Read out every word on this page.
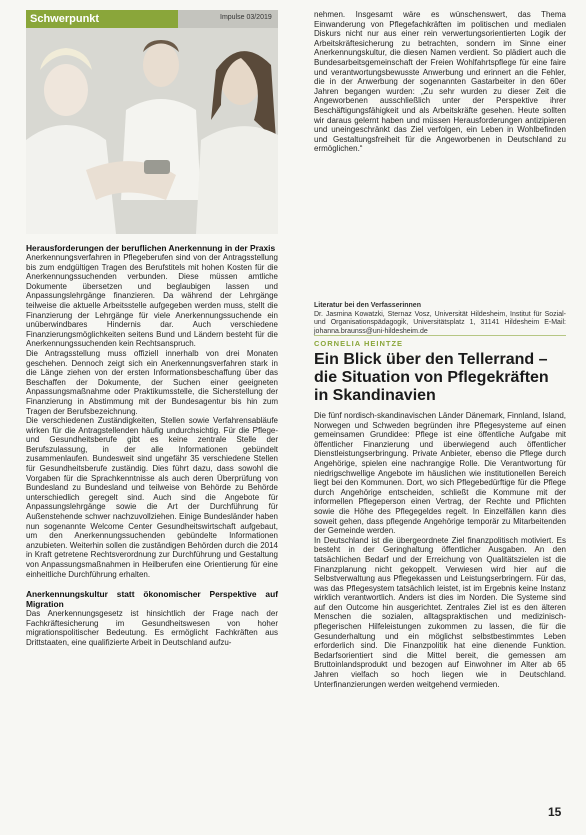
Schwerpunkt	Impulse 03/2019
Herausforderungen der beruflichen Anerkennung in der Praxis

Anerkennungsverfahren in Pflegeberufen sind von der Antragsstellung bis zum endgültigen Tragen des Berufstitels mit hohen Kosten für die Anerkennungssuchenden verbunden. Diese müssen amtliche Dokumente übersetzen und beglaubigen lassen und Anpassungslehrgänge finanzieren. Da während der Lehrgänge teilweise die aktuelle Arbeitsstelle aufgegeben werden muss, stellt die Finanzierung der Lehrgänge für viele Anerkennungssuchende ein unüberwindbares Hindernis dar. Auch verschiedene Finanzierungsmöglichkeiten seitens Bund und Ländern besteht für die Anerkennungssuchenden kein Rechtsanspruch.

Die Antragsstellung muss offiziell innerhalb von drei Monaten geschehen. Dennoch zeigt sich ein Anerkennungsverfahren stark in die Länge ziehen von der ersten Informationsbeschaffung über das Beschaffen der Dokumente, der Suchen einer geeigneten Anpassungsmaßnahme oder Praktikumsstelle, die Sicherstellung der Finanzierung in Abstimmung mit der Bundesagentur bis hin zum Tragen der Berufsbezeichnung.

Die verschiedenen Zuständigkeiten, Stellen sowie Verfahrensabläufe wirken für die Antragstellenden häufig undurchsichtig. Für die Pflege- und Gesundheitsberufe gibt es keine zentrale Stelle der Berufszulassung, in der alle Informationen gebündelt zusammenlaufen. Bundesweit sind ungefähr 35 verschiedene Stellen für Gesundheitsberufe zuständig. Dies führt dazu, dass sowohl die Vorgaben für die Sprachkenntnisse als auch deren Überprüfung von Bundesland zu Bundesland und teilweise von Behörde zu Behörde unterschiedlich geregelt sind. Auch sind die Angebote für Anpassungslehrgänge sowie die Art der Durchführung für Außenstehende schwer nachzuvollziehen. Einige Bundesländer haben nun sogenannte Welcome Center Gesundheitswirtschaft aufgebaut, um den Anerkennungssuchenden gebündelte Informationen anzubieten. Weiterhin sollen die zuständigen Behörden durch die 2014 in Kraft getretene Rechtsverordnung zur Durchführung und Gestaltung von Anpassungsmaßnahmen in Heilberufen eine Orientierung für eine einheitliche Durchführung erhalten.

Anerkennungskultur statt ökonomischer Perspektive auf Migration

Das Anerkennungsgesetz ist hinsichtlich der Frage nach der Fachkräftesicherung im Gesundheitswesen von hoher migrationspolitischer Bedeutung. Es ermöglicht Fachkräften aus Drittstaaten, eine qualifizierte Arbeit in Deutschland aufzu-

nehmen. Insgesamt wäre es wünschenswert, das Thema Einwanderung von Pflegefachkräften im politischen und medialen Diskurs nicht nur aus einer rein verwertungsorientierten Logik der Arbeitskräftesicherung zu betrachten, sondern im Sinne einer Anerkennungskultur, die diesen Namen verdient. So plädiert auch die Bundesarbeitsgemeinschaft der Freien Wohlfahrtspflege für eine faire und verantwortungsbewusste Anwerbung und erinnert an die Fehler, die in der Anwerbung der sogenannten Gastarbeiter in den 60er Jahren begangen wurden: „Zu sehr wurden zu dieser Zeit die Angeworbenen ausschließlich unter der Perspektive ihrer Beschäftigungsfähigkeit und als Arbeitskräfte gesehen. Heute sollten wir daraus gelernt haben und müssen Herausforderungen antizipieren und uneingeschränkt das Ziel verfolgen, ein Leben in Wohlbefinden und Gestaltungsfreiheit für die Angeworbenen in Deutschland zu ermöglichen.“

Literatur bei den Verfasserinnen
Dr. Jasmina Kowatzki, Sternaz Vosz, Universität Hildesheim, Institut für Sozial- und Organisationspädagogik, Universitätsplatz 1, 31141 Hildesheim E-Mail: johanna.braunss@uni-hildesheim.de
CORNELIA HEINTZE
Ein Blick über den Tellerrand – die Situation von Pflegekräften in Skandinavien

Die fünf nordisch-skandinavischen Länder Dänemark, Finnland, Island, Norwegen und Schweden begründen ihre Pflegesysteme auf einen gemeinsamen Grundidee: Pflege ist eine öffentliche Aufgabe mit öffentlicher Finanzierung und überwiegend auch öffentlicher Dienstleistungserbringung. Private Anbieter, ebenso die Pflege durch Angehörige, spielen eine nachrangige Rolle. Die Verantwortung für niedrigschwellige Angebote im häuslichen wie institutionellen Bereich liegt bei den Kommunen. Dort, wo sich Pflegebedürftige für die Pflege durch Angehörige entscheiden, schließt die Kommune mit der informellen Pflegeperson einen Vertrag, der Rechte und Pflichten sowie die Höhe des Pflegegeldes regelt. In Einzelfällen kann dies soweit gehen, dass pflegende Angehörige temporär zu Mitarbeitenden der Gemeinde werden.

In Deutschland ist die übergeordnete Ziel finanzpolitisch motiviert. Es besteht in der Geringhaltung öffentlicher Ausgaben. An den tatsächlichen Bedarf und der Erreichung von Qualitätszielen ist die Finanzplanung nicht gekoppelt. Verwiesen wird hier auf die Selbstverwaltung aus Pflegekassen und Leistungserbringern. Für das, was das Pflegesystem tatsächlich leistet, ist im Ergebnis keine Instanz wirklich verantwortlich. Anders ist dies im Norden. Die Systeme sind auf den Outcome hin ausgerichtet. Zentrales Ziel ist es den älteren Menschen die sozialen, alltagspraktischen und medizinisch-pflegerischen Hilfeleistungen zukommen zu lassen, die für die Gesunderhaltung und ein möglichst selbstbestimmtes Leben erforderlich sind. Die Finanzpolitik hat eine dienende Funktion. Bedarfsorientiert sind die Mittel bereit, die gemessen am Bruttoinlandsprodukt und bezogen auf Einwohner im Alter ab 65 Jahren vielfach so hoch liegen wie in Deutschland. Unterfinanzierungen werden weitgehend vermieden.

15
